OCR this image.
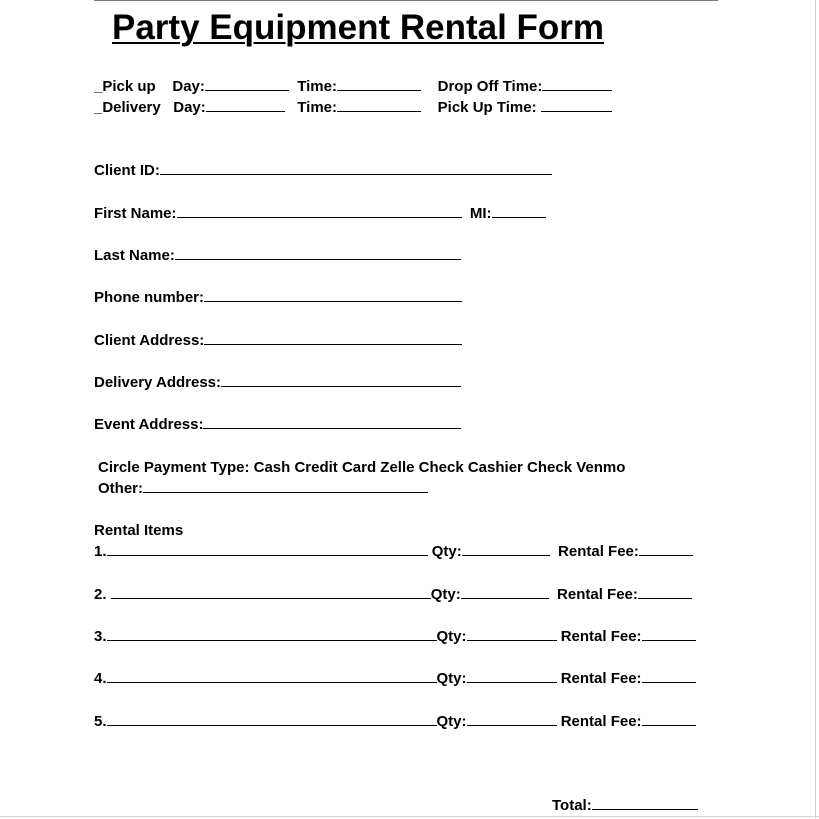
Party Equipment Rental Form
_Pick up Day:	Time:	Drop Off Time:
_Delivery Day:	Time:	Pick Up Time:
Client ID:
First Name:	MI:
Last Name:
Phone number:
Client Address:
Delivery Address:
Event Address:
Circle Payment Type: Cash Credit Card Zelle Check Cashier Check Venmo
Other:
Rental Items
1.	Qty:	Rental Fee:
2.	Qty:	Rental Fee:
3.	Qty:	Rental Fee:
4.	Qty:	Rental Fee:
5.	Qty:	Rental Fee:
Total:
